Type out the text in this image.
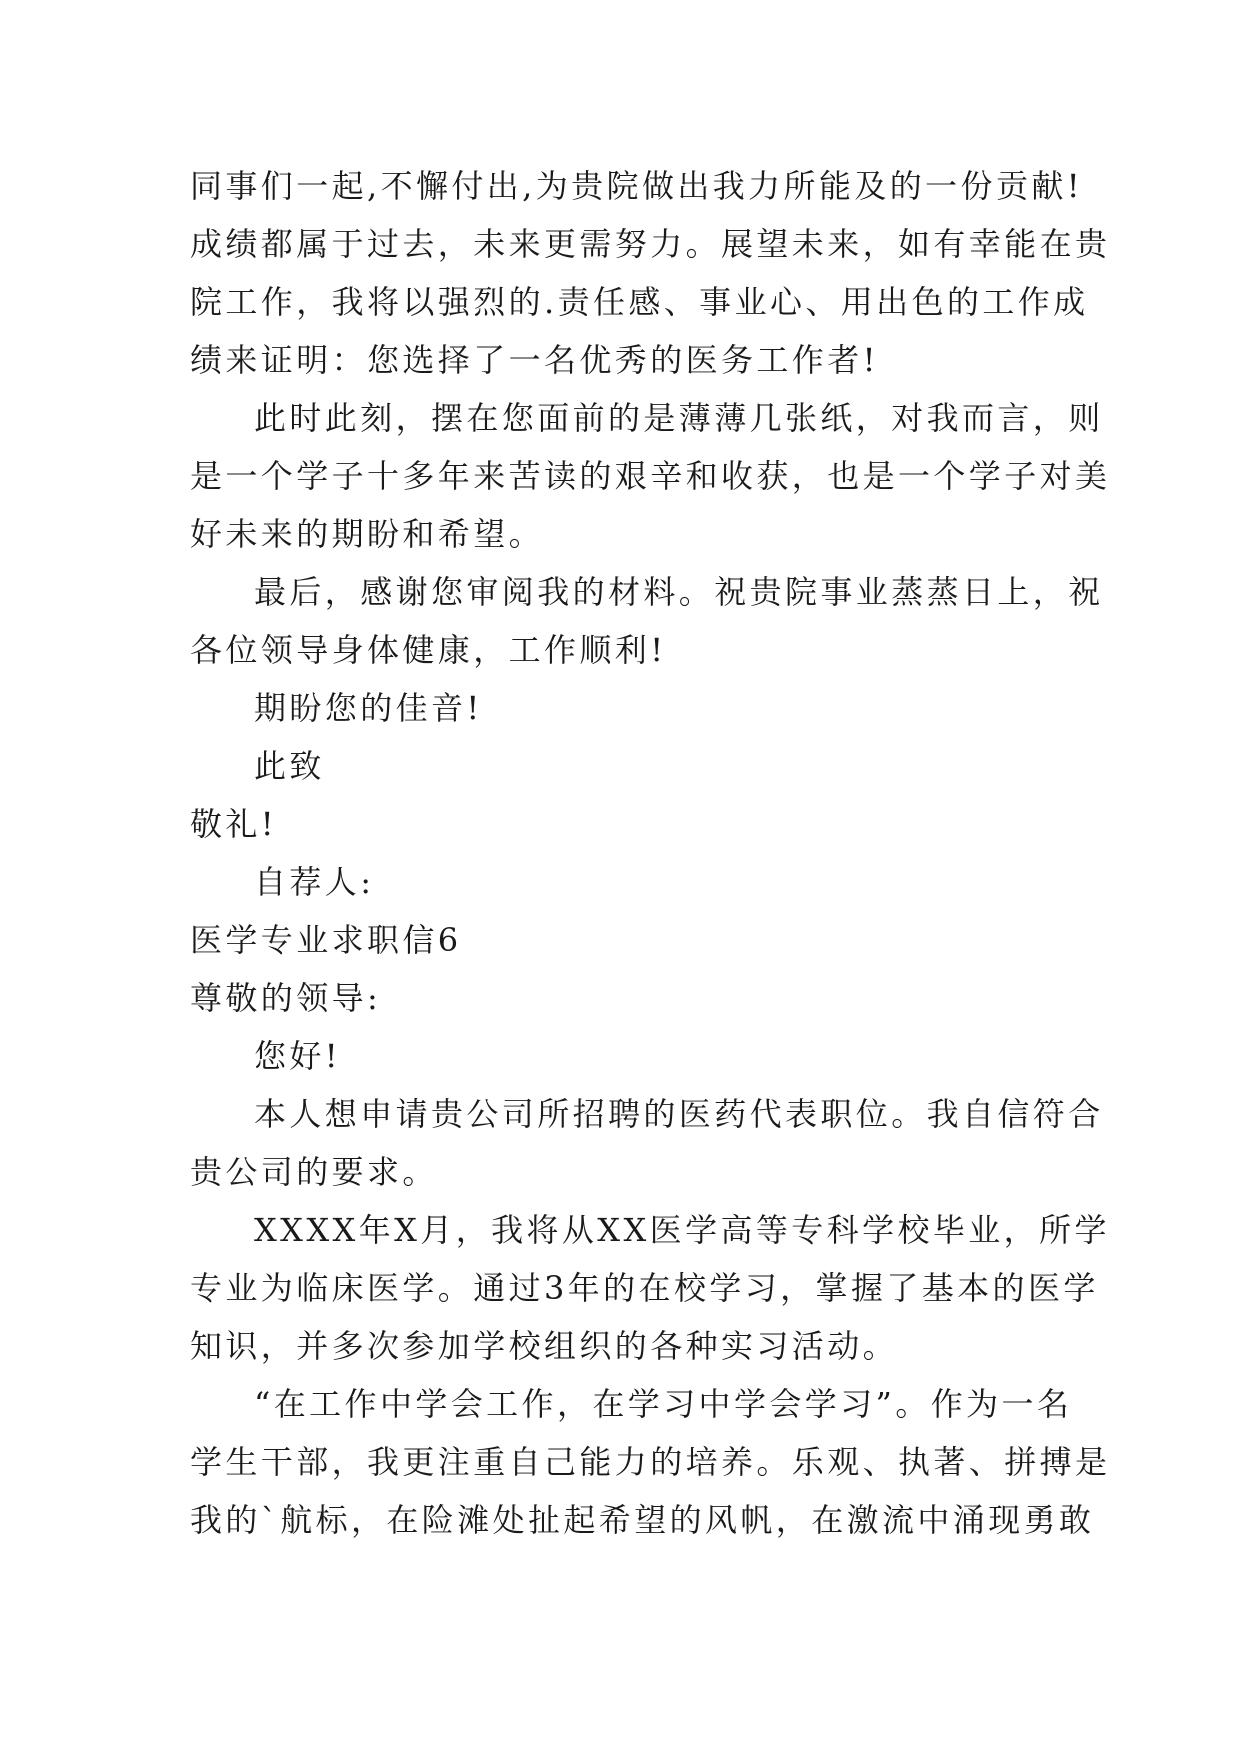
同事们一起,不懈付出,为贵院做出我力所能及的一份贡献!
成绩都属于过去，未来更需努力。展望未来，如有幸能在贵
院工作，我将以强烈的.责任感、事业心、用出色的工作成
绩来证明：您选择了一名优秀的医务工作者!
此时此刻，摆在您面前的是薄薄几张纸，对我而言，则
是一个学子十多年来苦读的艰辛和收获，也是一个学子对美
好未来的期盼和希望。
最后，感谢您审阅我的材料。祝贵院事业蒸蒸日上，祝
各位领导身体健康，工作顺利!
期盼您的佳音!
此致
敬礼!
自荐人:
医学专业求职信6
尊敬的领导:
您好!
本人想申请贵公司所招聘的医药代表职位。我自信符合
贵公司的要求。
XXXX年X月，我将从XX医学高等专科学校毕业，所学
专业为临床医学。通过3年的在校学习，掌握了基本的医学
知识，并多次参加学校组织的各种实习活动。
“在工作中学会工作，在学习中学会学习”。作为一名
学生干部，我更注重自己能力的培养。乐观、执著、拼搏是
我的`航标，在险滩处扯起希望的风帆，在激流中涌现勇敢
